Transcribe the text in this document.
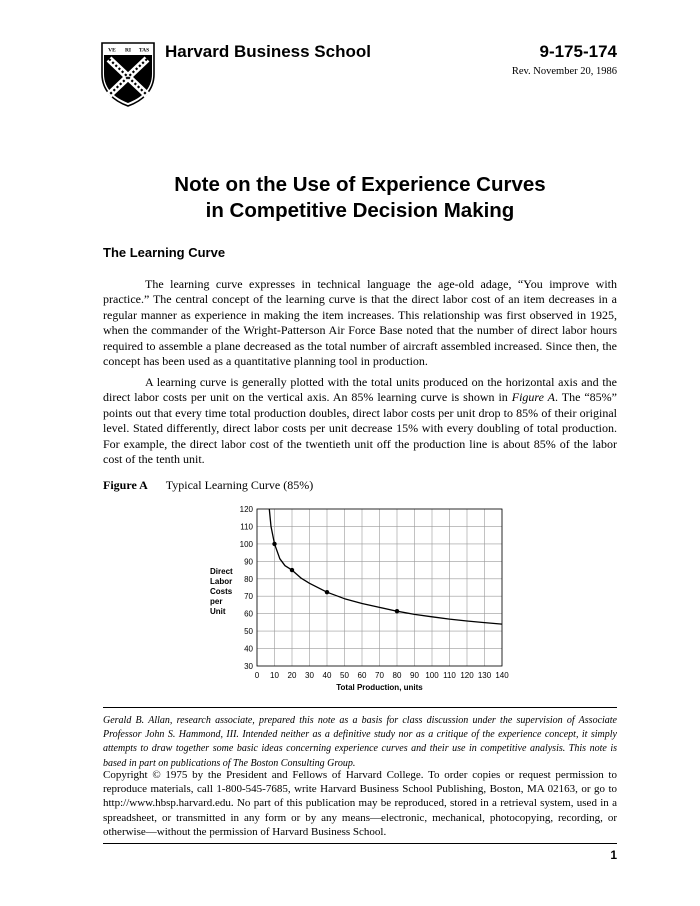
VE RI TAS Harvard Business School	9-175-174
Rev. November 20, 1986
Note on the Use of Experience Curves
in Competitive Decision Making
The Learning Curve

The learning curve expresses in technical language the age-old adage, “You improve with practice.” The central concept of the learning curve is that the direct labor cost of an item decreases in a regular manner as experience in making the item increases. This relationship was first observed in 1925, when the commander of the Wright-Patterson Air Force Base noted that the number of direct labor hours required to assemble a plane decreased as the total number of aircraft assembled increased. Since then, the concept has been used as a quantitative planning tool in production.

A learning curve is generally plotted with the total units produced on the horizontal axis and the direct labor costs per unit on the vertical axis. An 85% learning curve is shown in Figure A. The “85%” points out that every time total production doubles, direct labor costs per unit drop to 85% of their original level. Stated differently, direct labor costs per unit decrease 15% with every doubling of total production. For example, the direct labor cost of the twentieth unit off the production line is about 85% of the labor cost of the tenth unit.

Figure A Typical Learning Curve (85%)
0 10 20 30 40 50 60 70 80 90 100 110 120 130 140
30
40
50
60
70
80
90
100
110
120
Total Production, units
Direct
Labor
Costs
per
Unit

Gerald B. Allan, research associate, prepared this note as a basis for class discussion under the supervision of Associate Professor John S. Hammond, III. Intended neither as a definitive study nor as a critique of the experience concept, it simply attempts to draw together some basic ideas concerning experience curves and their use in competitive analysis. This note is based in part on publications of The Boston Consulting Group.

Copyright © 1975 by the President and Fellows of Harvard College. To order copies or request permission to reproduce materials, call 1-800-545-7685, write Harvard Business School Publishing, Boston, MA 02163, or go to http://www.hbsp.harvard.edu. No part of this publication may be reproduced, stored in a retrieval system, used in a spreadsheet, or transmitted in any form or by any means—electronic, mechanical, photocopying, recording, or otherwise—without the permission of Harvard Business School.

1
